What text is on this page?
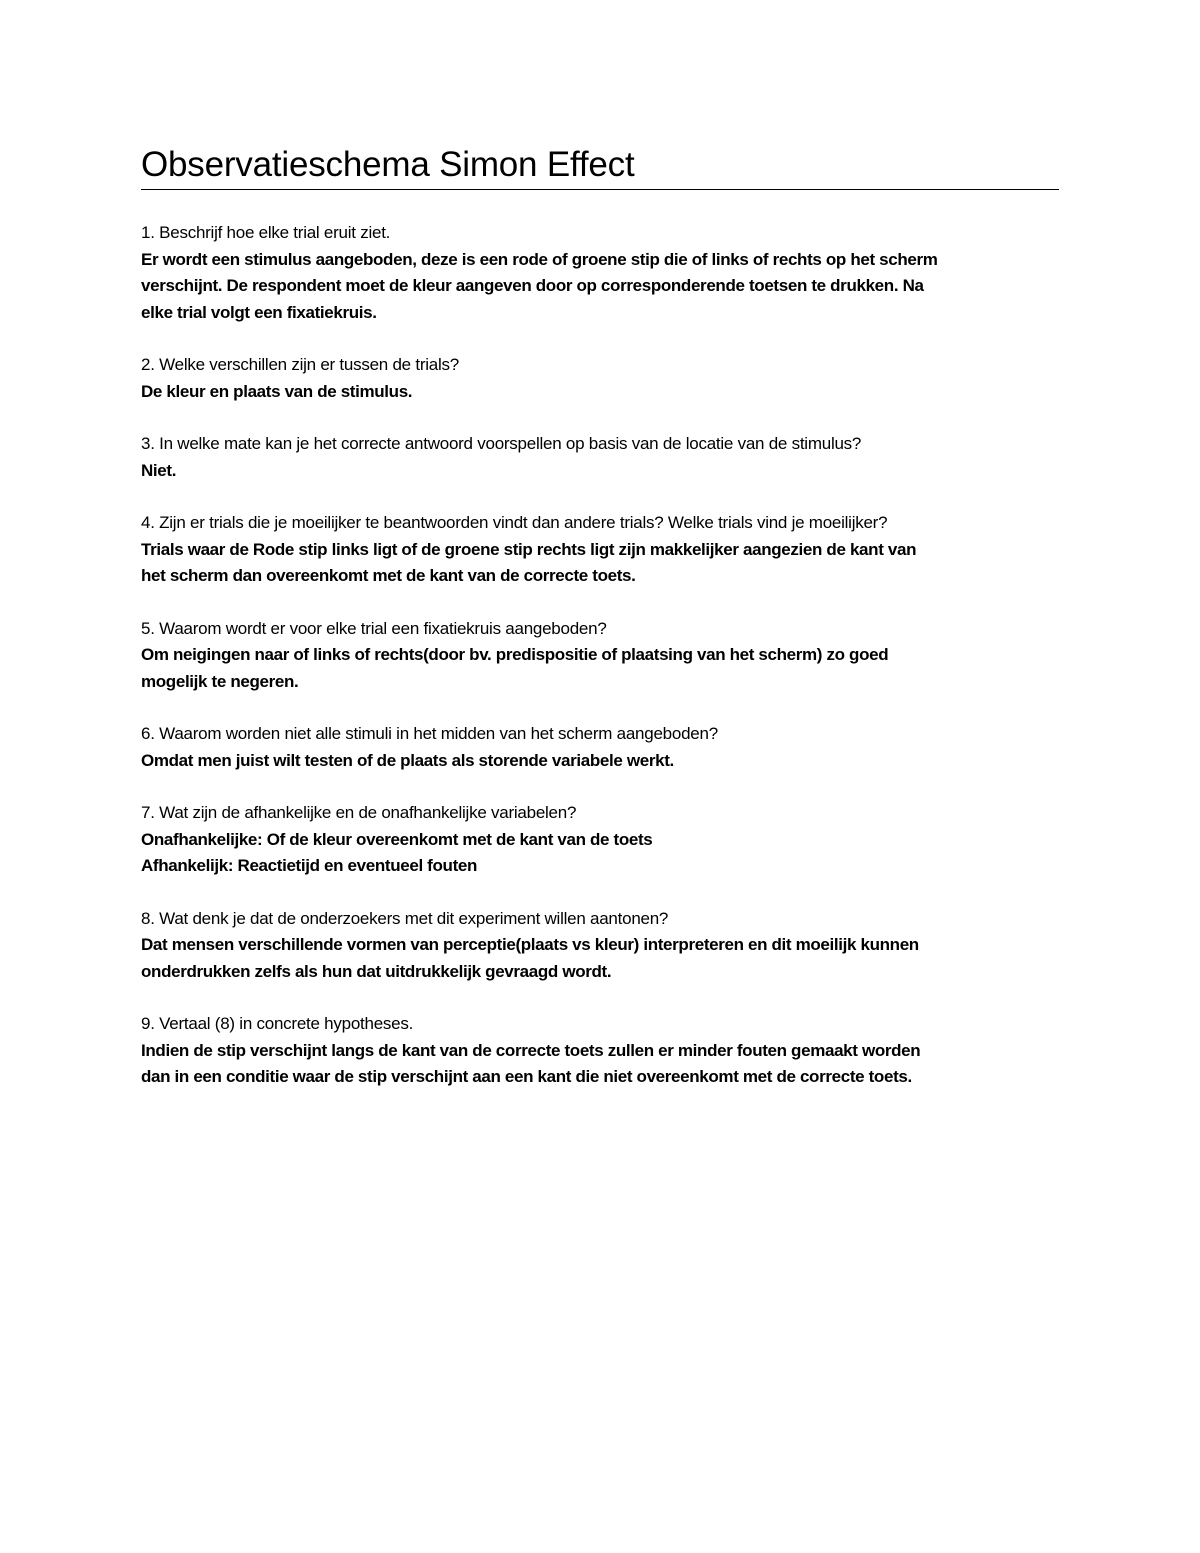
Observatieschema Simon Effect
1. Beschrijf hoe elke trial eruit ziet.
Er wordt een stimulus aangeboden, deze is een rode of groene stip die of links of rechts op het scherm
verschijnt. De respondent moet de kleur aangeven door op corresponderende toetsen te drukken. Na
elke trial volgt een fixatiekruis.
2. Welke verschillen zijn er tussen de trials?
De kleur en plaats van de stimulus.
3. In welke mate kan je het correcte antwoord voorspellen op basis van de locatie van de stimulus?
Niet.
4. Zijn er trials die je moeilijker te beantwoorden vindt dan andere trials? Welke trials vind je moeilijker?
Trials waar de Rode stip links ligt of de groene stip rechts ligt zijn makkelijker aangezien de kant van
het scherm dan overeenkomt met de kant van de correcte toets.
5. Waarom wordt er voor elke trial een fixatiekruis aangeboden?
Om neigingen naar of links of rechts(door bv. predispositie of plaatsing van het scherm) zo goed
mogelijk te negeren.
6. Waarom worden niet alle stimuli in het midden van het scherm aangeboden?
Omdat men juist wilt testen of de plaats als storende variabele werkt.
7. Wat zijn de afhankelijke en de onafhankelijke variabelen?
Onafhankelijke: Of de kleur overeenkomt met de kant van de toets
Afhankelijk: Reactietijd en eventueel fouten
8. Wat denk je dat de onderzoekers met dit experiment willen aantonen?
Dat mensen verschillende vormen van perceptie(plaats vs kleur) interpreteren en dit moeilijk kunnen
onderdrukken zelfs als hun dat uitdrukkelijk gevraagd wordt.
9. Vertaal (8) in concrete hypotheses.
Indien de stip verschijnt langs de kant van de correcte toets zullen er minder fouten gemaakt worden
dan in een conditie waar de stip verschijnt aan een kant die niet overeenkomt met de correcte toets.
